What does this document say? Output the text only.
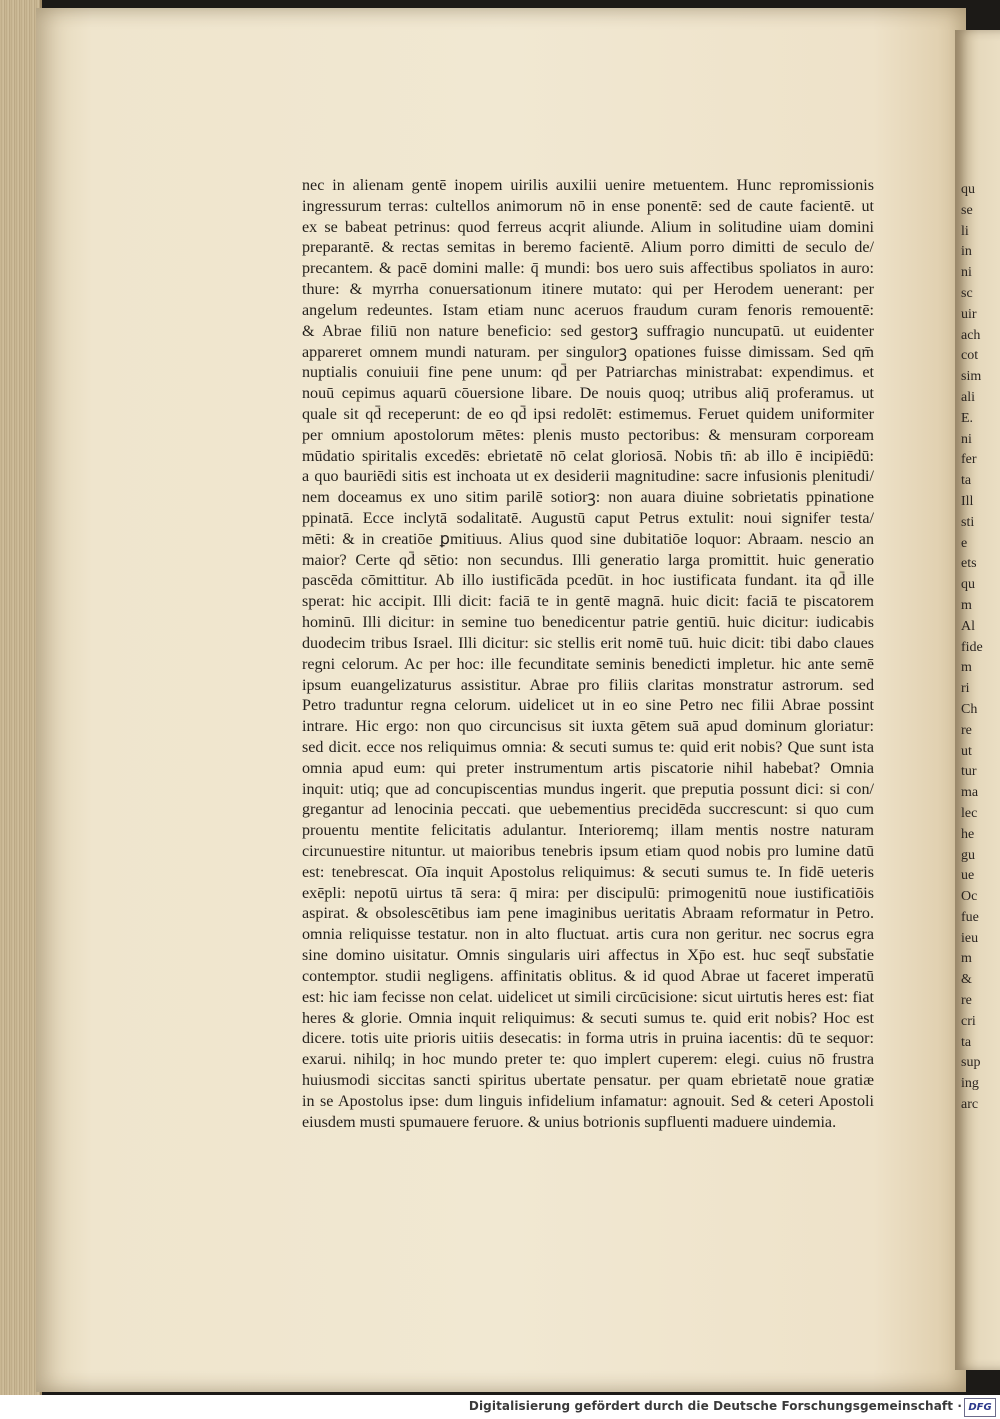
qu
se
li
in
ni
sc
uir
ach
cot
sim
ali
E.
ni
fer
ta
Ill
sti
e
ets
qu
m
Al
fide
m
ri
Ch
re
ut
tur
ma
lec
he
gu
ue
Oc
fue
ieu
m
&
re
cri
ta
sup
ing
arc
nec in alienam gentē inopem uirilis auxilii uenire metuentem. Hunc repromissionis
ingressurum terras: cultellos animorum nō in ense ponentē: sed de caute facientē. ut
ex se babeat petrinus: quod ferreus acqrit aliunde. Alium in solitudine uiam domini
preparantē. & rectas semitas in beremo facientē. Alium porro dimitti de seculo de/
precantem. & pacē domini malle: q̄ mundi: bos uero suis affectibus spoliatos in auro:
thure: & myrrha conuersationum itinere mutato: qui per Herodem uenerant: per
angelum redeuntes. Istam etiam nunc aceruos fraudum curam fenoris remouentē:
& Abrae filiū non nature beneficio: sed gestorꝫ suffragio nuncupatū. ut euidenter
appareret omnem mundi naturam. per singulorꝫ opationes fuisse dimissam. Sed qm̄
nuptialis conuiuii fine pene unum: qd̄ per Patriarchas ministrabat: expendimus. et
nouū cepimus aquarū cōuersione libare. De nouis quoq; utribus aliq̄ proferamus. ut
quale sit qd̄ receperunt: de eo qd̄ ipsi redolēt: estimemus. Feruet quidem uniformiter
per omnium apostolorum mētes: plenis musto pectoribus: & mensuram corpoream
mūdatio spiritalis excedēs: ebrietatē nō celat gloriosā. Nobis tn̄: ab illo ē incipiēdū:
a quo bauriēdi sitis est inchoata ut ex desiderii magnitudine: sacre infusionis plenitudi/
nem doceamus ex uno sitim parilē sotiorꝫ: non auara diuine sobrietatis ppinatione
ppinatā. Ecce inclytā sodalitatē. Augustū caput Petrus extulit: noui signifer testa/
mēti: & in creatiōe ꝑmitiuus. Alius quod sine dubitatiōe loquor: Abraam. nescio an
maior? Certe qd̄ sētio: non secundus. Illi generatio larga promittit. huic generatio
pascēda cōmittitur. Ab illo iustificāda pcedūt. in hoc iustificata fundant. ita qd̄ ille
sperat: hic accipit. Illi dicit: faciā te in gentē magnā. huic dicit: faciā te piscatorem
hominū. Illi dicitur: in semine tuo benedicentur patrie gentiū. huic dicitur: iudicabis
duodecim tribus Israel. Illi dicitur: sic stellis erit nomē tuū. huic dicit: tibi dabo claues
regni celorum. Ac per hoc: ille fecunditate seminis benedicti impletur. hic ante semē
ipsum euangelizaturus assistitur. Abrae pro filiis claritas monstratur astrorum. sed
Petro traduntur regna celorum. uidelicet ut in eo sine Petro nec filii Abrae possint
intrare. Hic ergo: non quo circuncisus sit iuxta gētem suā apud dominum gloriatur:
sed dicit. ecce nos reliquimus omnia: & secuti sumus te: quid erit nobis? Que sunt ista
omnia apud eum: qui preter instrumentum artis piscatorie nihil habebat? Omnia
inquit: utiq; que ad concupiscentias mundus ingerit. que preputia possunt dici: si con/
gregantur ad lenocinia peccati. que uebementius precidēda succrescunt: si quo cum
prouentu mentite felicitatis adulantur. Interioremq; illam mentis nostre naturam
circunuestire nituntur. ut maioribus tenebris ipsum etiam quod nobis pro lumine datū
est: tenebrescat. Oīa inquit Apostolus reliquimus: & secuti sumus te. In fidē ueteris
exēpli: nepotū uirtus tā sera: q̄ mira: per discipulū: primogenitū noue iustificatiōis
aspirat. & obsolescētibus iam pene imaginibus ueritatis Abraam reformatur in Petro.
omnia reliquisse testatur. non in alto fluctuat. artis cura non geritur. nec socrus egra
sine domino uisitatur. Omnis singularis uiri affectus in Xp̄o est. huc seqt̄ subst̄atie
contemptor. studii negligens. affinitatis oblitus. & id quod Abrae ut faceret imperatū
est: hic iam fecisse non celat. uidelicet ut simili circūcisione: sicut uirtutis heres est: fiat
heres & glorie. Omnia inquit reliquimus: & secuti sumus te. quid erit nobis? Hoc est
dicere. totis uite prioris uitiis desecatis: in forma utris in pruina iacentis: dū te sequor:
exarui. nihilq; in hoc mundo preter te: quo implert cuperem: elegi. cuius nō frustra
huiusmodi siccitas sancti spiritus ubertate pensatur. per quam ebrietatē noue gratiæ
in se Apostolus ipse: dum linguis infidelium infamatur: agnouit. Sed & ceteri Apostoli
eiusdem musti spumauere feruore. & unius botrionis supfluenti maduere uindemia.
Digitalisierung gefördert durch die Deutsche Forschungsgemeinschaft · DFG
